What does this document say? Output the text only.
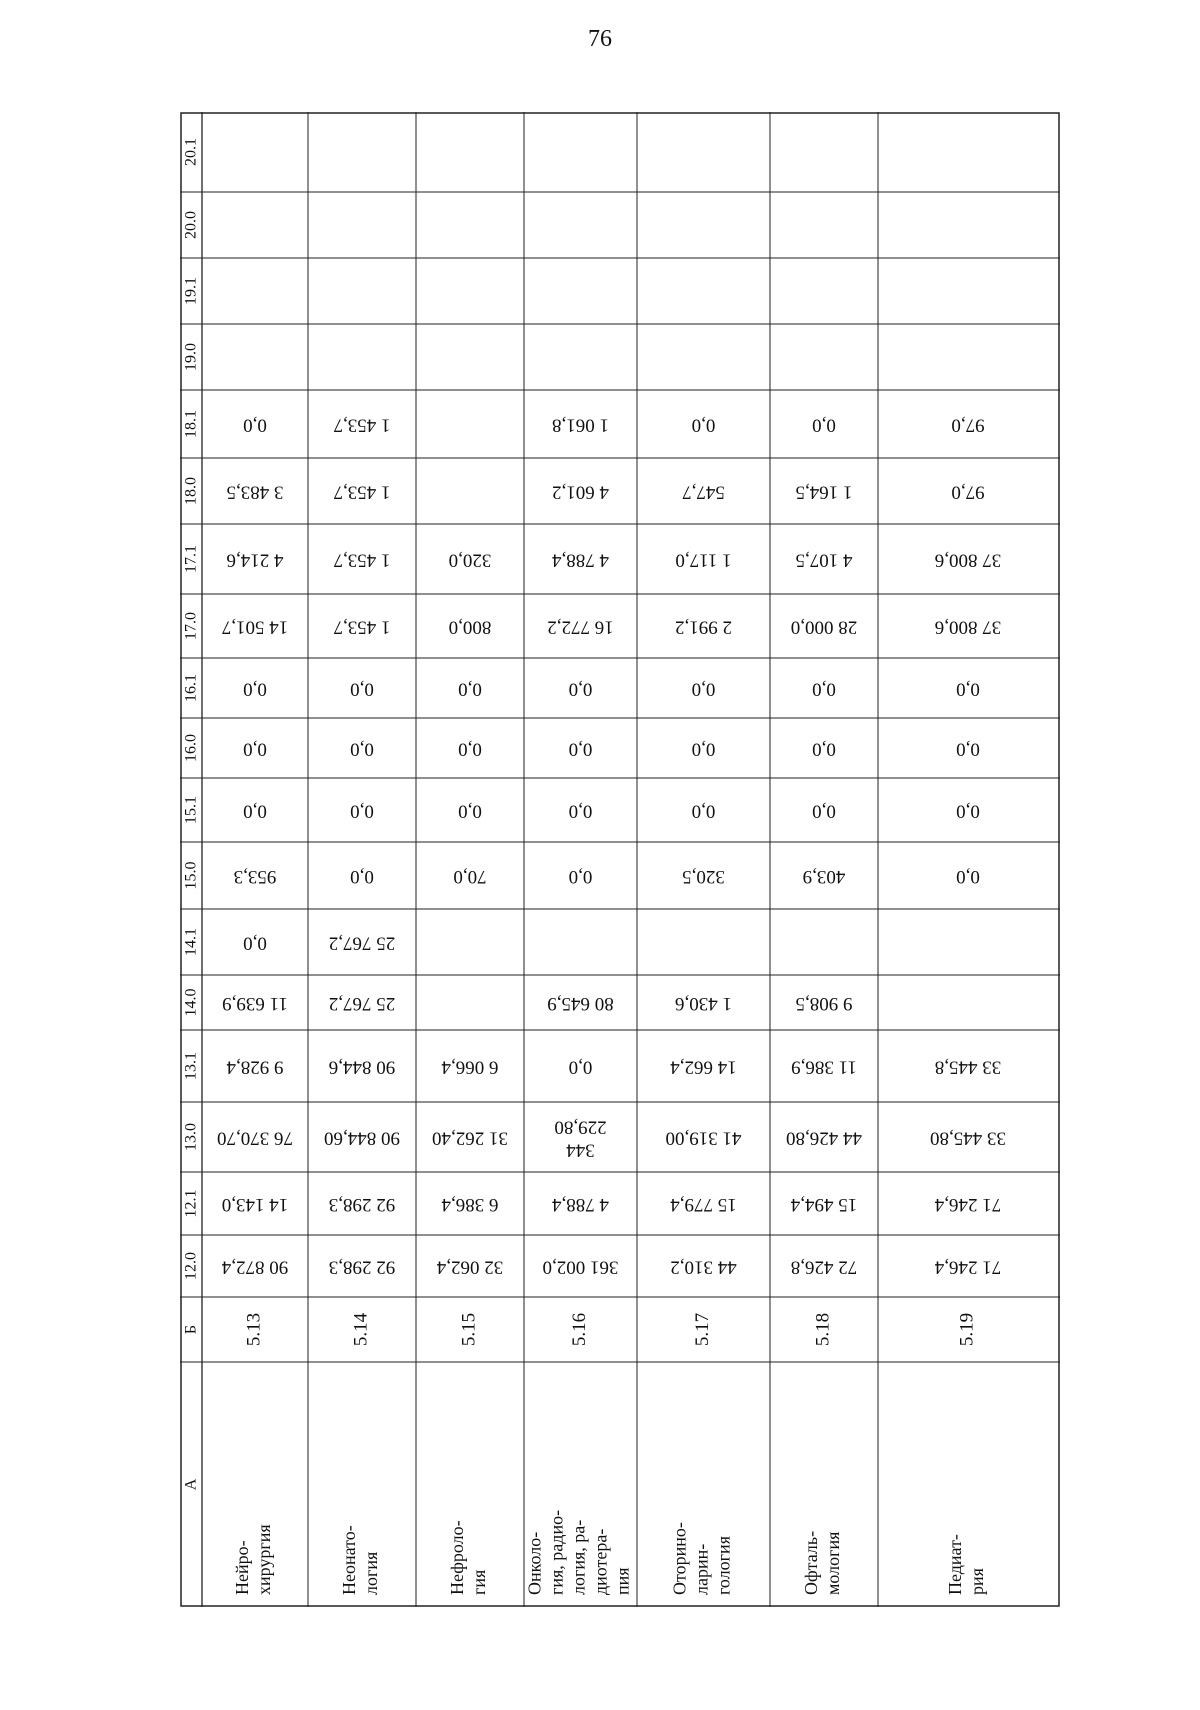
76
20.1
20.0
19.1
19.0
18.1
18.0
17.1
17.0
16.1
16.0
15.1
15.0
14.1
14.0
13.1
13.0
12.1
12.0
Б
A
Нейро- хирургия
5.13
90 872,4
14 143,0
76 370,70
9 928,4
11 639,9
0,0
953,3
0,0
0,0
0,0
14 501,7
4 214,6
3 483,5
0,0
Неонато- логия
5.14
92 298,3
92 298,3
90 844,60
90 844,6
25 767,2
25 767,2
0,0
0,0
0,0
0,0
1 453,7
1 453,7
1 453,7
1 453,7
Нефроло- гия
5.15
32 062,4
6 386,4
31 262,40
6 066,4
70,0
0,0
0,0
0,0
800,0
320,0
Онколо- гия, радио- логия, ра- диотера- пия
5.16
361 002,0
4 788,4
344229,80
0,0
80 645,9
0,0
0,0
0,0
0,0
16 772,2
4 788,4
4 601,2
1 061,8
Оторино- ларин- гология
5.17
44 310,2
15 779,4
41 319,00
14 662,4
1 430,6
320,5
0,0
0,0
0,0
2 991,2
1 117,0
547,7
0,0
Офталь- мология
5.18
72 426,8
15 494,4
44 426,80
11 386,9
9 908,5
403,9
0,0
0,0
0,0
28 000,0
4 107,5
1 164,5
0,0
Педиат- рия
5.19
71 246,4
71 246,4
33 445,80
33 445,8
0,0
0,0
0,0
0,0
37 800,6
37 800,6
97,0
97,0
